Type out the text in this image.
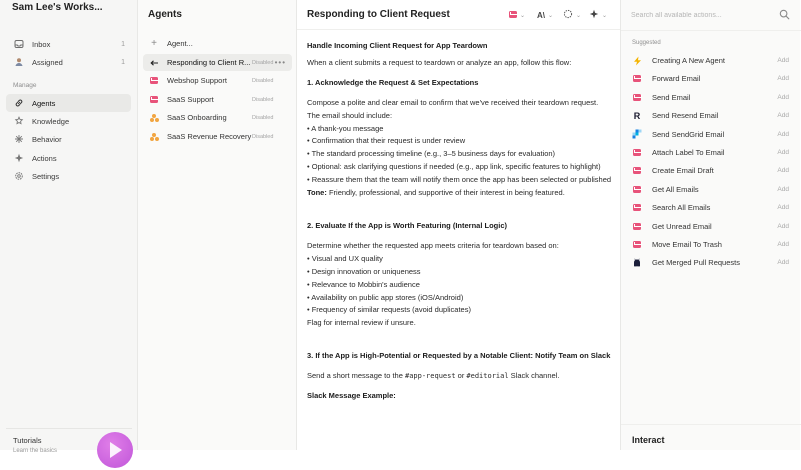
Sam Lee's Works...
Inbox	1
Assigned	1
Manage
Agents
Knowledge
Behavior
Actions
Settings
Tutorials
Learn the basics
Agents
+ Agent...
Responding to Client R... Disabled •••
Webshop Support	Disabled
SaaS Support	Disabled
SaaS Onboarding	Disabled
SaaS Revenue Recovery Disabled
Responding to Client Request	⌄ A\ ⌄	⌄	⌄

Handle Incoming Client Request for App Teardown

When a client submits a request to teardown or analyze an app, follow this flow:

1. Acknowledge the Request & Set Expectations

Compose a polite and clear email to confirm that we've received their teardown request.

The email should include:

• A thank-you message

• Confirmation that their request is under review

• The standard processing timeline (e.g., 3–5 business days for evaluation)

• Optional: ask clarifying questions if needed (e.g., app link, specific features to highlight)

• Reassure them that the team will notify them once the app has been selected or published

Tone: Friendly, professional, and supportive of their interest in being featured.

2. Evaluate If the App is Worth Featuring (Internal Logic)

Determine whether the requested app meets criteria for teardown based on:

• Visual and UX quality

• Design innovation or uniqueness

• Relevance to Mobbin's audience

• Availability on public app stores (iOS/Android)

• Frequency of similar requests (avoid duplicates)

Flag for internal review if unsure.

3. If the App is High-Potential or Requested by a Notable Client: Notify Team on Slack

Send a short message to the #app-request or #editorial Slack channel.

Slack Message Example:

Search all available actions...
Suggested
Creating A New Agent	Add
Forward Email	Add
Send Email	Add
R Send Resend Email	Add
Send SendGrid Email	Add
Attach Label To Email	Add
Create Email Draft	Add
Get All Emails	Add
Search All Emails	Add
Get Unread Email	Add
Move Email To Trash	Add
Get Merged Pull Requests	Add
Interact
